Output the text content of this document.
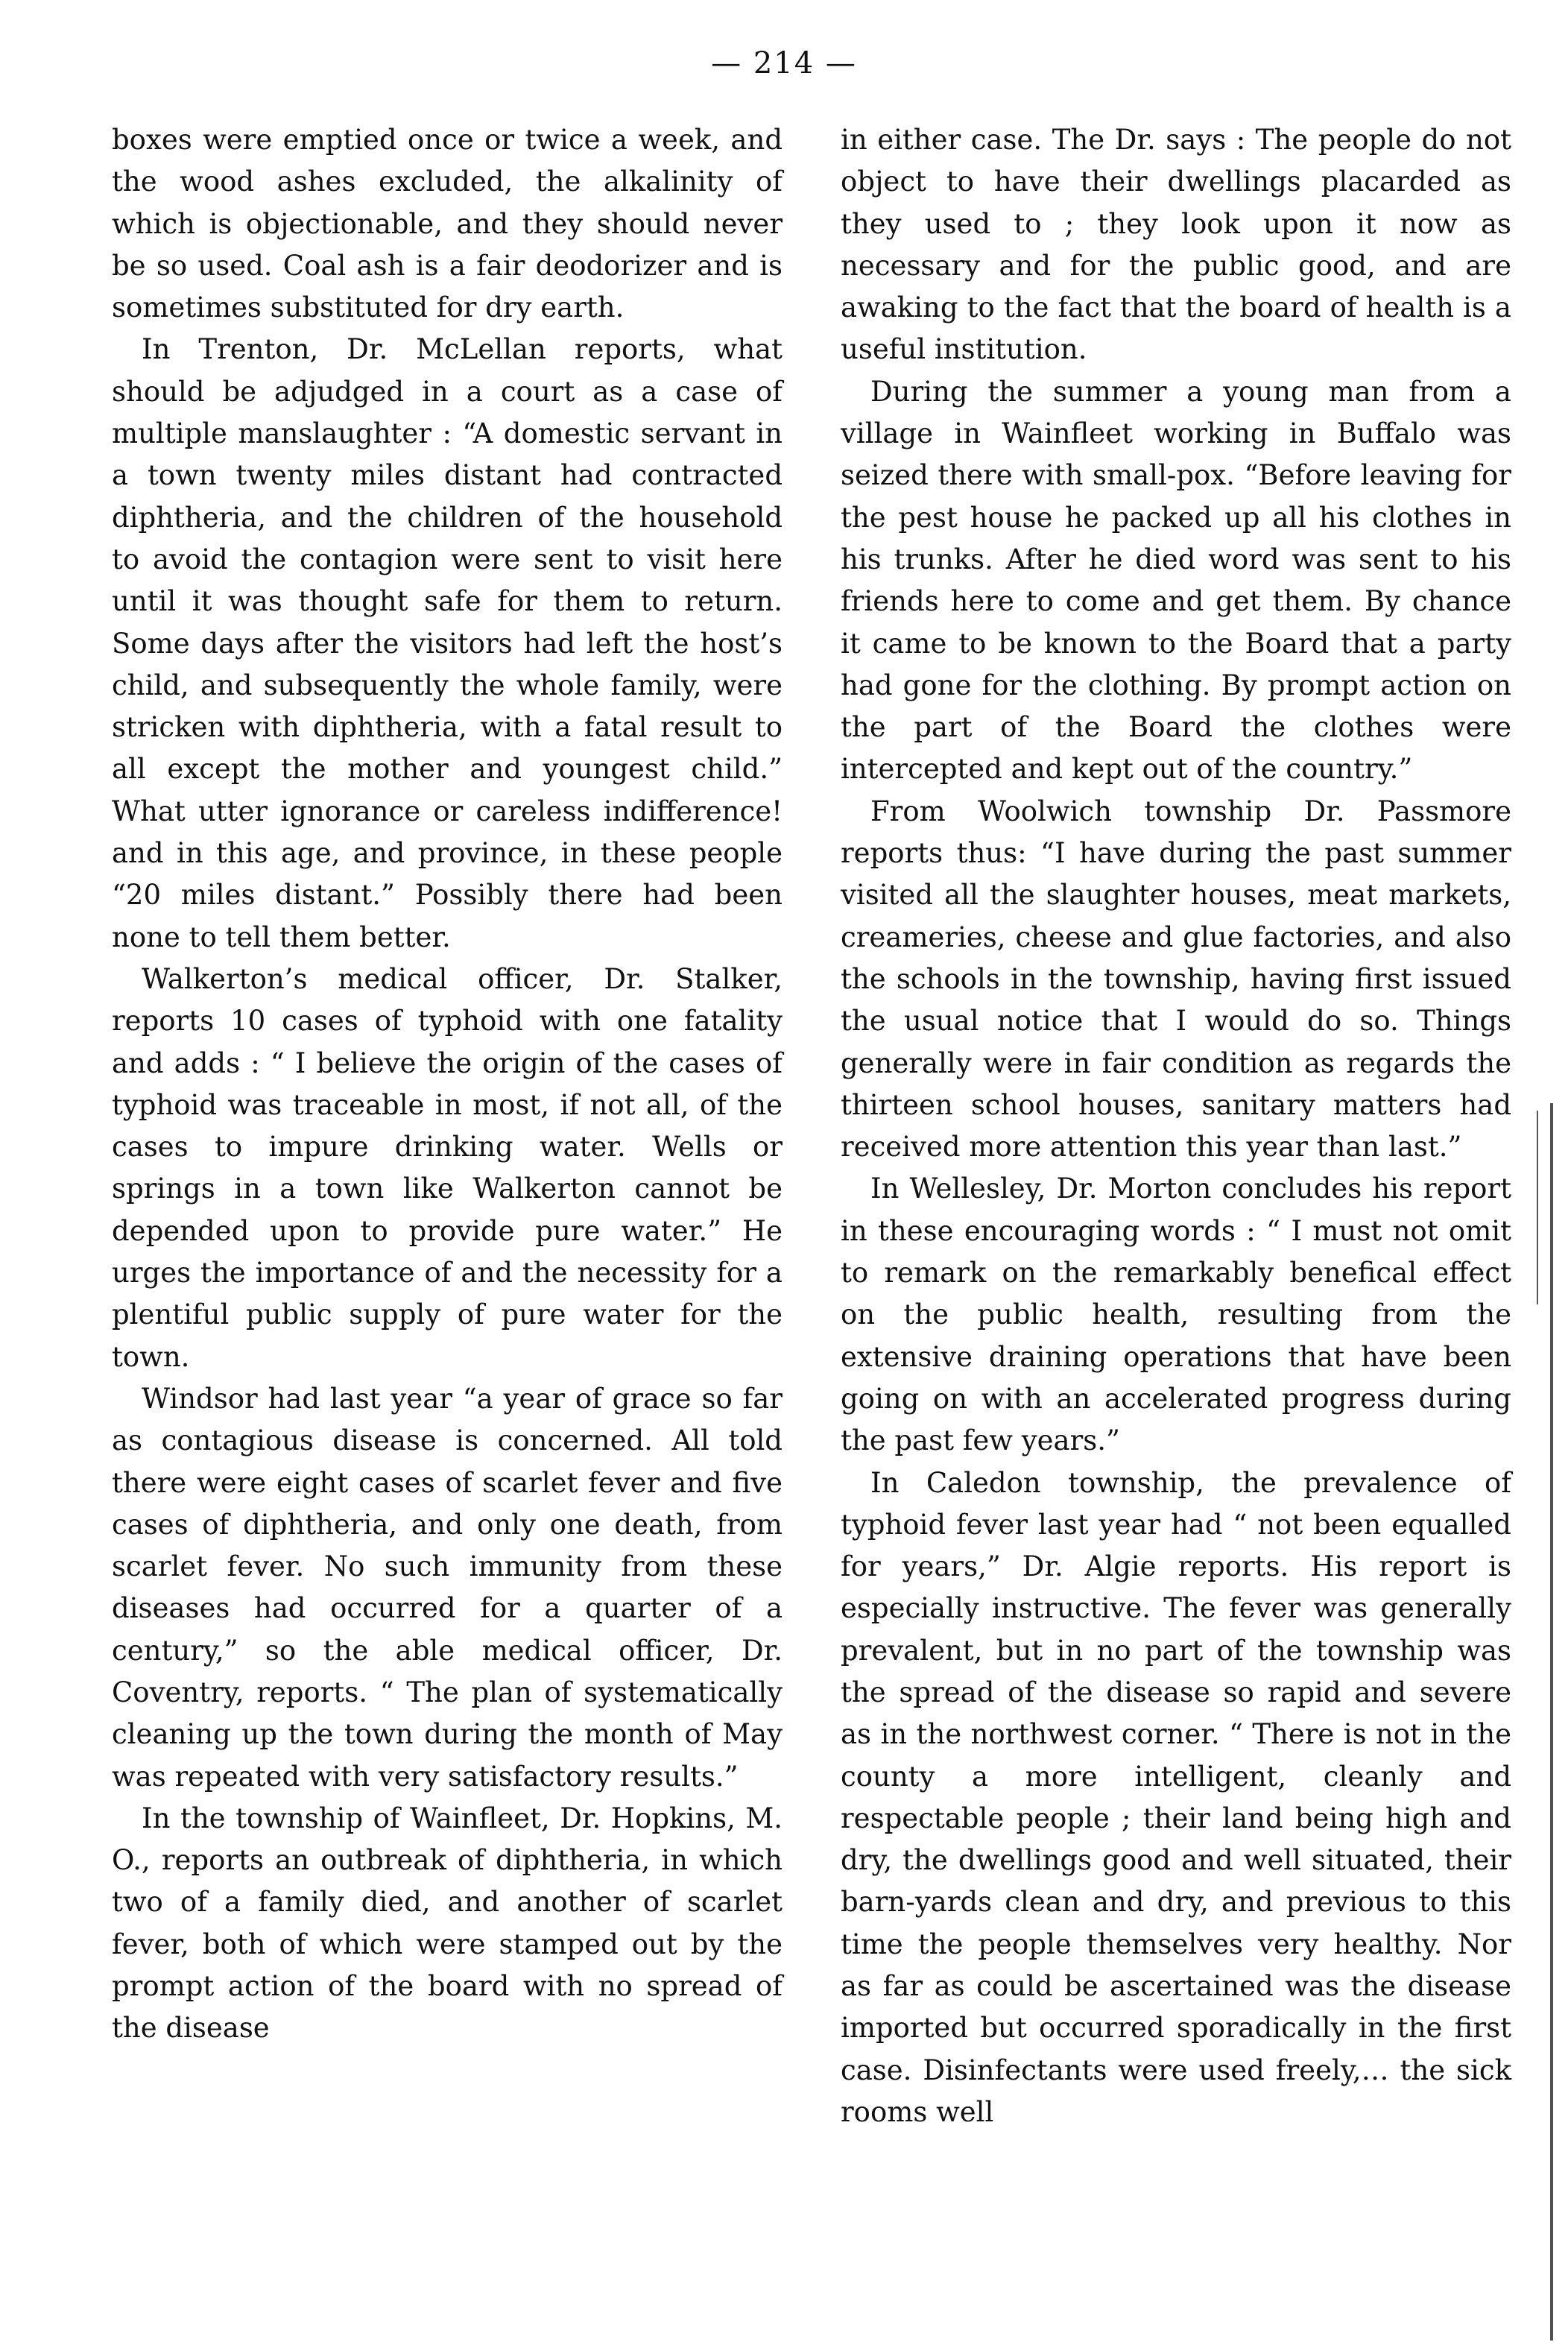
— 214 —

boxes were emptied once or twice a week, and the wood ashes excluded, the alkalinity of which is objectionable, and they should never be so used. Coal ash is a fair deodorizer and is sometimes substituted for dry earth.

In Trenton, Dr. McLellan reports, what should be adjudged in a court as a case of multiple manslaughter : “A domestic servant in a town twenty miles distant had contracted diphtheria, and the children of the household to avoid the contagion were sent to visit here until it was thought safe for them to return. Some days after the visitors had left the host’s child, and subsequently the whole family, were stricken with diphtheria, with a fatal result to all except the mother and youngest child.” What utter ignorance or careless indifference! and in this age, and province, in these people “20 miles distant.” Possibly there had been none to tell them better.

Walkerton’s medical officer, Dr. Stalker, reports 10 cases of typhoid with one fatality and adds : “ I believe the origin of the cases of typhoid was traceable in most, if not all, of the cases to impure drinking water. Wells or springs in a town like Walkerton cannot be depended upon to provide pure water.” He urges the importance of and the necessity for a plentiful public supply of pure water for the town.

Windsor had last year “a year of grace so far as contagious disease is concerned. All told there were eight cases of scarlet fever and five cases of diphtheria, and only one death, from scarlet fever. No such immunity from these diseases had occurred for a quarter of a century,” so the able medical officer, Dr. Coventry, reports. “ The plan of systematically cleaning up the town during the month of May was repeated with very satisfactory results.”

In the township of Wainfleet, Dr. Hopkins, M. O., reports an outbreak of diphtheria, in which two of a family died, and another of scarlet fever, both of which were stamped out by the prompt action of the board with no spread of the disease

in either case. The Dr. says : The people do not object to have their dwellings placarded as they used to ; they look upon it now as necessary and for the public good, and are awaking to the fact that the board of health is a useful institution.

During the summer a young man from a village in Wainfleet working in Buffalo was seized there with small-pox. “Before leaving for the pest house he packed up all his clothes in his trunks. After he died word was sent to his friends here to come and get them. By chance it came to be known to the Board that a party had gone for the clothing. By prompt action on the part of the Board the clothes were intercepted and kept out of the country.”

From Woolwich township Dr. Passmore reports thus: “I have during the past summer visited all the slaughter houses, meat markets, creameries, cheese and glue factories, and also the schools in the township, having first issued the usual notice that I would do so. Things generally were in fair condition as regards the thirteen school houses, sanitary matters had received more attention this year than last.”

In Wellesley, Dr. Morton concludes his report in these encouraging words : “ I must not omit to remark on the remarkably benefical effect on the public health, resulting from the extensive draining operations that have been going on with an accelerated progress during the past few years.”

In Caledon township, the prevalence of typhoid fever last year had “ not been equalled for years,” Dr. Algie reports. His report is especially instructive. The fever was generally prevalent, but in no part of the township was the spread of the disease so rapid and severe as in the northwest corner. “ There is not in the county a more intelligent, cleanly and respectable people ; their land being high and dry, the dwellings good and well situated, their barn-yards clean and dry, and previous to this time the people themselves very healthy. Nor as far as could be ascertained was the disease imported but occurred sporadically in the first case. Disinfectants were used freely,… the sick rooms well
